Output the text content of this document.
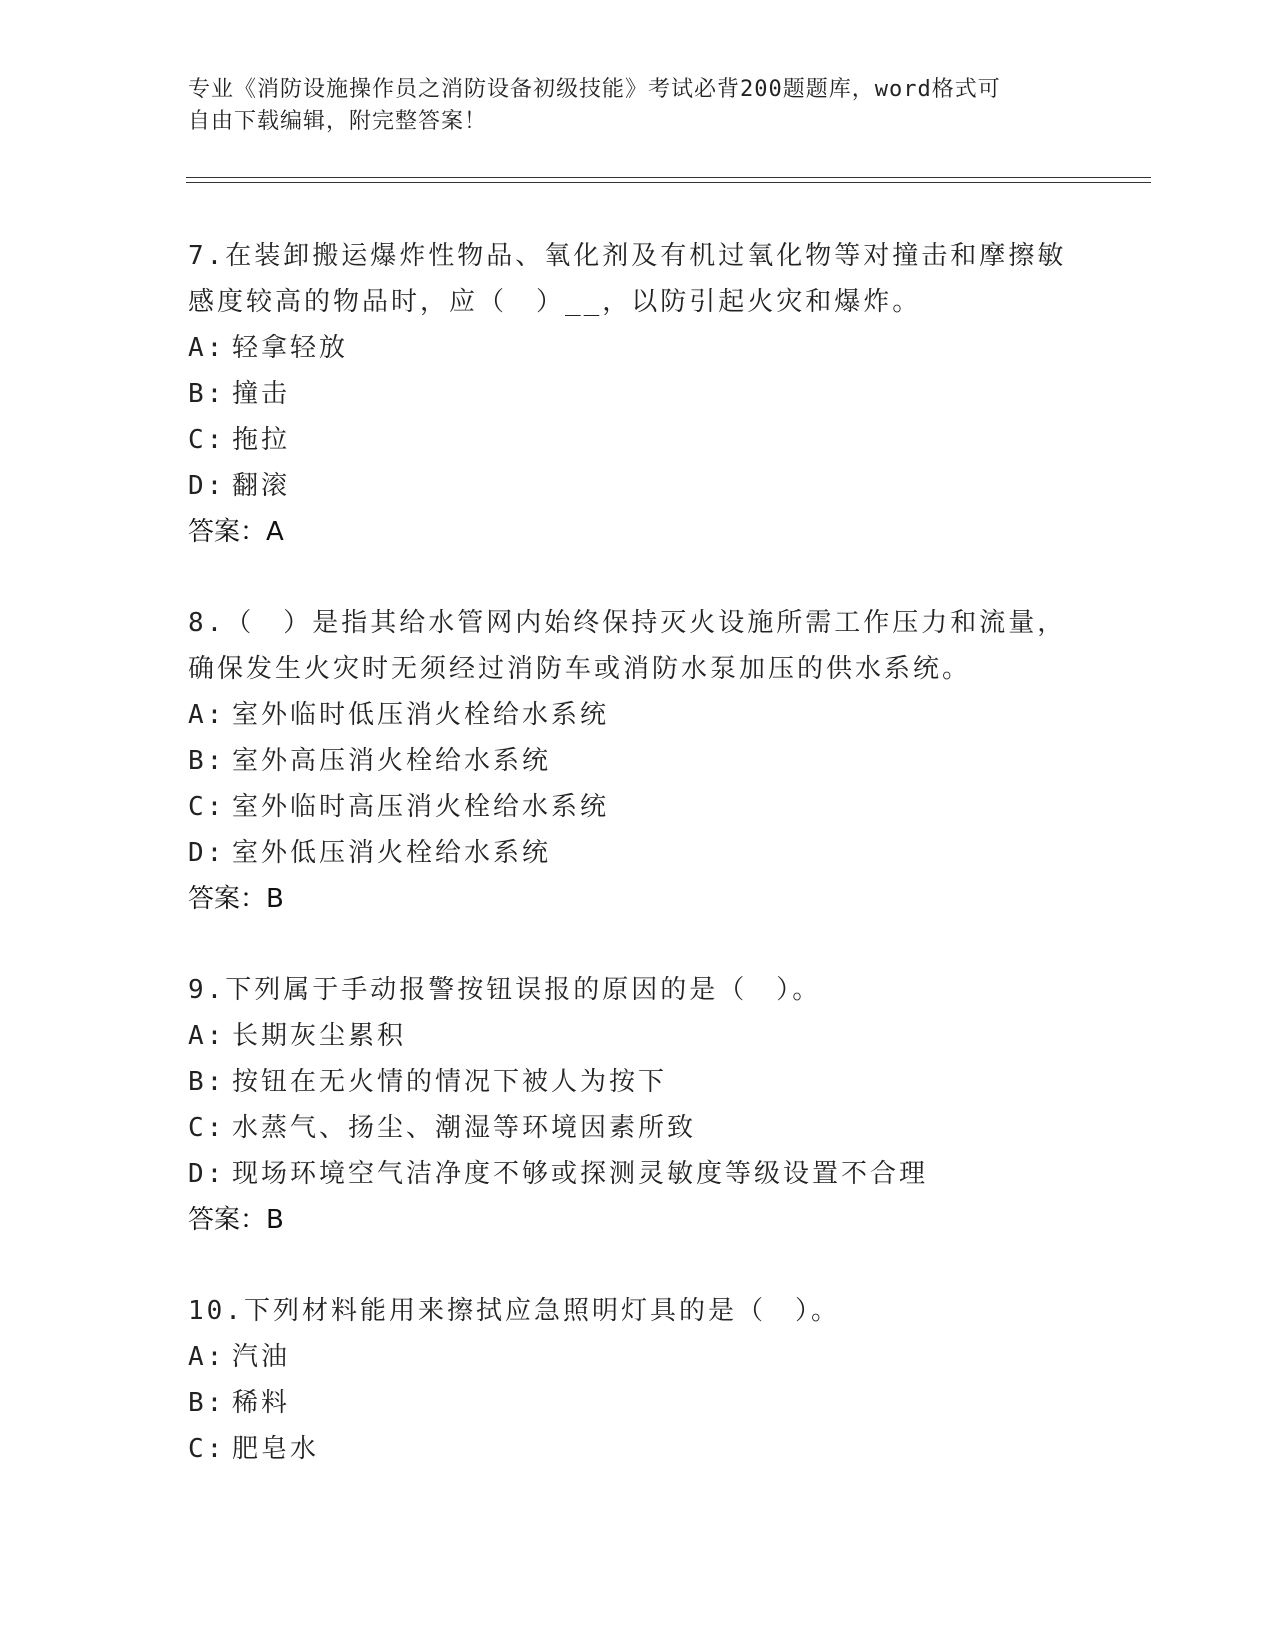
专业《消防设施操作员之消防设备初级技能》考试必背200题题库，word格式可
自由下载编辑，附完整答案！

7.在装卸搬运爆炸性物品、氧化剂及有机过氧化物等对撞击和摩擦敏

感度较高的物品时，应（　）__，以防引起火灾和爆炸。

A: 轻拿轻放

B: 撞击

C: 拖拉

D: 翻滚

答案：A

8.（　）是指其给水管网内始终保持灭火设施所需工作压力和流量，

确保发生火灾时无须经过消防车或消防水泵加压的供水系统。

A: 室外临时低压消火栓给水系统

B: 室外高压消火栓给水系统

C: 室外临时高压消火栓给水系统

D: 室外低压消火栓给水系统

答案：B

9.下列属于手动报警按钮误报的原因的是（　）。

A: 长期灰尘累积

B: 按钮在无火情的情况下被人为按下

C: 水蒸气、扬尘、潮湿等环境因素所致

D: 现场环境空气洁净度不够或探测灵敏度等级设置不合理

答案：B

10.下列材料能用来擦拭应急照明灯具的是（　）。

A: 汽油

B: 稀料

C: 肥皂水
